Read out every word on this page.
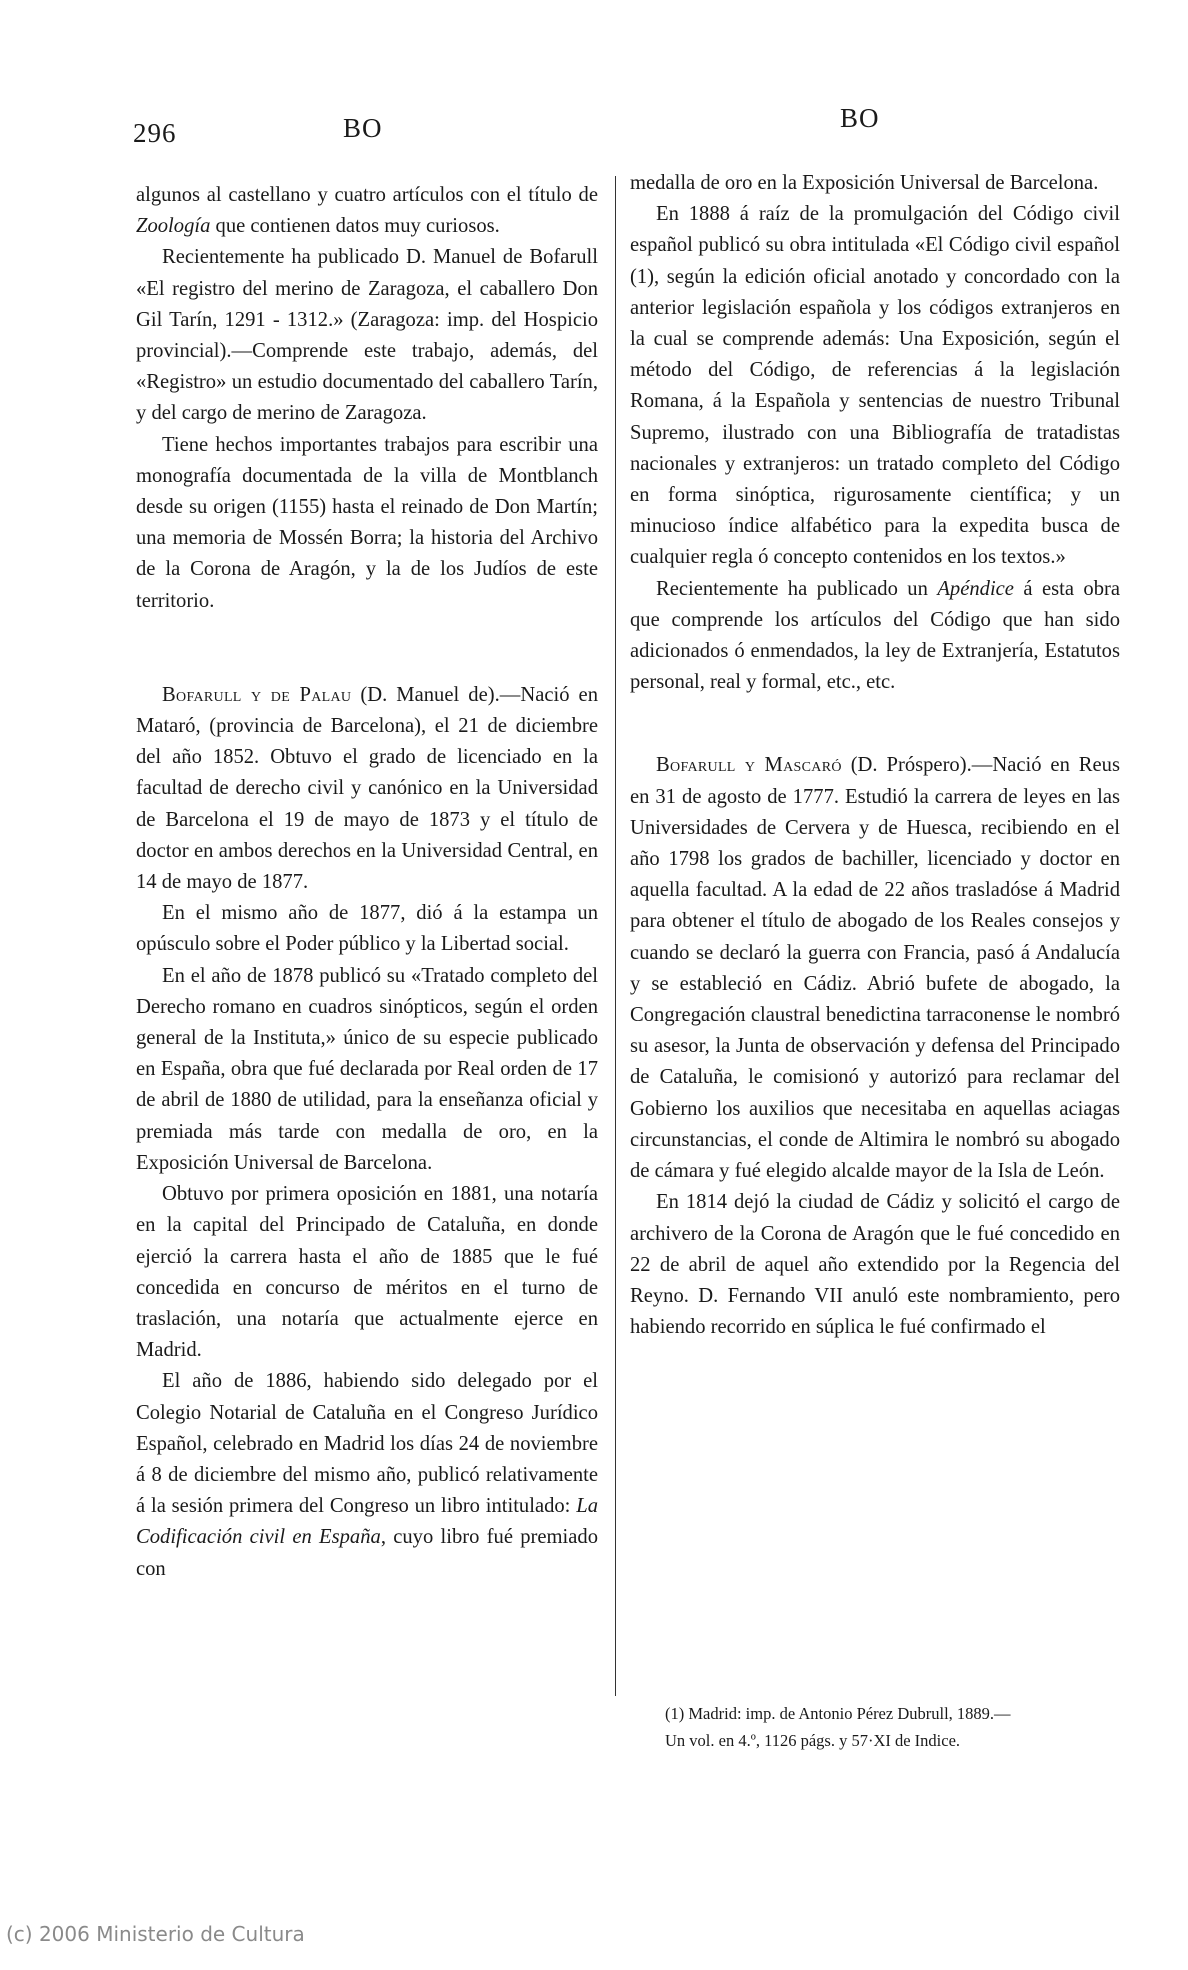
296	BO	BO

algunos al castellano y cuatro artículos con el título de Zoología que contienen datos muy curiosos.

Recientemente ha publicado D. Manuel de Bofarull «El registro del merino de Zaragoza, el caballero Don Gil Tarín, 1291 - 1312.» (Zaragoza: imp. del Hospicio provincial).—Comprende este trabajo, además, del «Registro» un estudio documentado del caballero Tarín, y del cargo de merino de Zaragoza.

Tiene hechos importantes trabajos para escribir una monografía documentada de la villa de Montblanch desde su origen (1155) hasta el reinado de Don Martín; una memoria de Mossén Borra; la historia del Archivo de la Corona de Aragón, y la de los Judíos de este territorio.

Bofarull y de Palau (D. Manuel de).—Nació en Mataró, (provincia de Barcelona), el 21 de diciembre del año 1852. Obtuvo el grado de licenciado en la facultad de derecho civil y canónico en la Universidad de Barcelona el 19 de mayo de 1873 y el título de doctor en ambos derechos en la Universidad Central, en 14 de mayo de 1877.

En el mismo año de 1877, dió á la estampa un opúsculo sobre el Poder público y la Libertad social.

En el año de 1878 publicó su «Tratado completo del Derecho romano en cuadros sinópticos, según el orden general de la Instituta,» único de su especie publicado en España, obra que fué declarada por Real orden de 17 de abril de 1880 de utilidad, para la enseñanza oficial y premiada más tarde con medalla de oro, en la Exposición Universal de Barcelona.

Obtuvo por primera oposición en 1881, una notaría en la capital del Principado de Cataluña, en donde ejerció la carrera hasta el año de 1885 que le fué concedida en concurso de méritos en el turno de traslación, una notaría que actualmente ejerce en Madrid.

El año de 1886, habiendo sido delegado por el Colegio Notarial de Cataluña en el Congreso Jurídico Español, celebrado en Madrid los días 24 de noviembre á 8 de diciembre del mismo año, publicó relativamente á la sesión primera del Congreso un libro intitulado: La Codificación civil en España, cuyo libro fué premiado con

medalla de oro en la Exposición Universal de Barcelona.

En 1888 á raíz de la promulgación del Código civil español publicó su obra intitulada «El Código civil español (1), según la edición oficial anotado y concordado con la anterior legislación española y los códigos extranjeros en la cual se comprende además: Una Exposición, según el método del Código, de referencias á la legislación Romana, á la Española y sentencias de nuestro Tribunal Supremo, ilustrado con una Bibliografía de tratadistas nacionales y extranjeros: un tratado completo del Código en forma sinóptica, rigurosamente científica; y un minucioso índice alfabético para la expedita busca de cualquier regla ó concepto contenidos en los textos.»

Recientemente ha publicado un Apéndice á esta obra que comprende los artículos del Código que han sido adicionados ó enmendados, la ley de Extranjería, Estatutos personal, real y formal, etc., etc.

Bofarull y Mascaró (D. Próspero).—Nació en Reus en 31 de agosto de 1777. Estudió la carrera de leyes en las Universidades de Cervera y de Huesca, recibiendo en el año 1798 los grados de bachiller, licenciado y doctor en aquella facultad. A la edad de 22 años trasladóse á Madrid para obtener el título de abogado de los Reales consejos y cuando se declaró la guerra con Francia, pasó á Andalucía y se estableció en Cádiz. Abrió bufete de abogado, la Congregación claustral benedictina tarraconense le nombró su asesor, la Junta de observación y defensa del Principado de Cataluña, le comisionó y autorizó para reclamar del Gobierno los auxilios que necesitaba en aquellas aciagas circunstancias, el conde de Altimira le nombró su abogado de cámara y fué elegido alcalde mayor de la Isla de León.

En 1814 dejó la ciudad de Cádiz y solicitó el cargo de archivero de la Corona de Aragón que le fué concedido en 22 de abril de aquel año extendido por la Regencia del Reyno. D. Fernando VII anuló este nombramiento, pero habiendo recorrido en súplica le fué confirmado el

(1) Madrid: imp. de Antonio Pérez Dubrull, 1889.—

Un vol. en 4.º, 1126 págs. y 57·XI de Indice.

(c) 2006 Ministerio de Cultura
